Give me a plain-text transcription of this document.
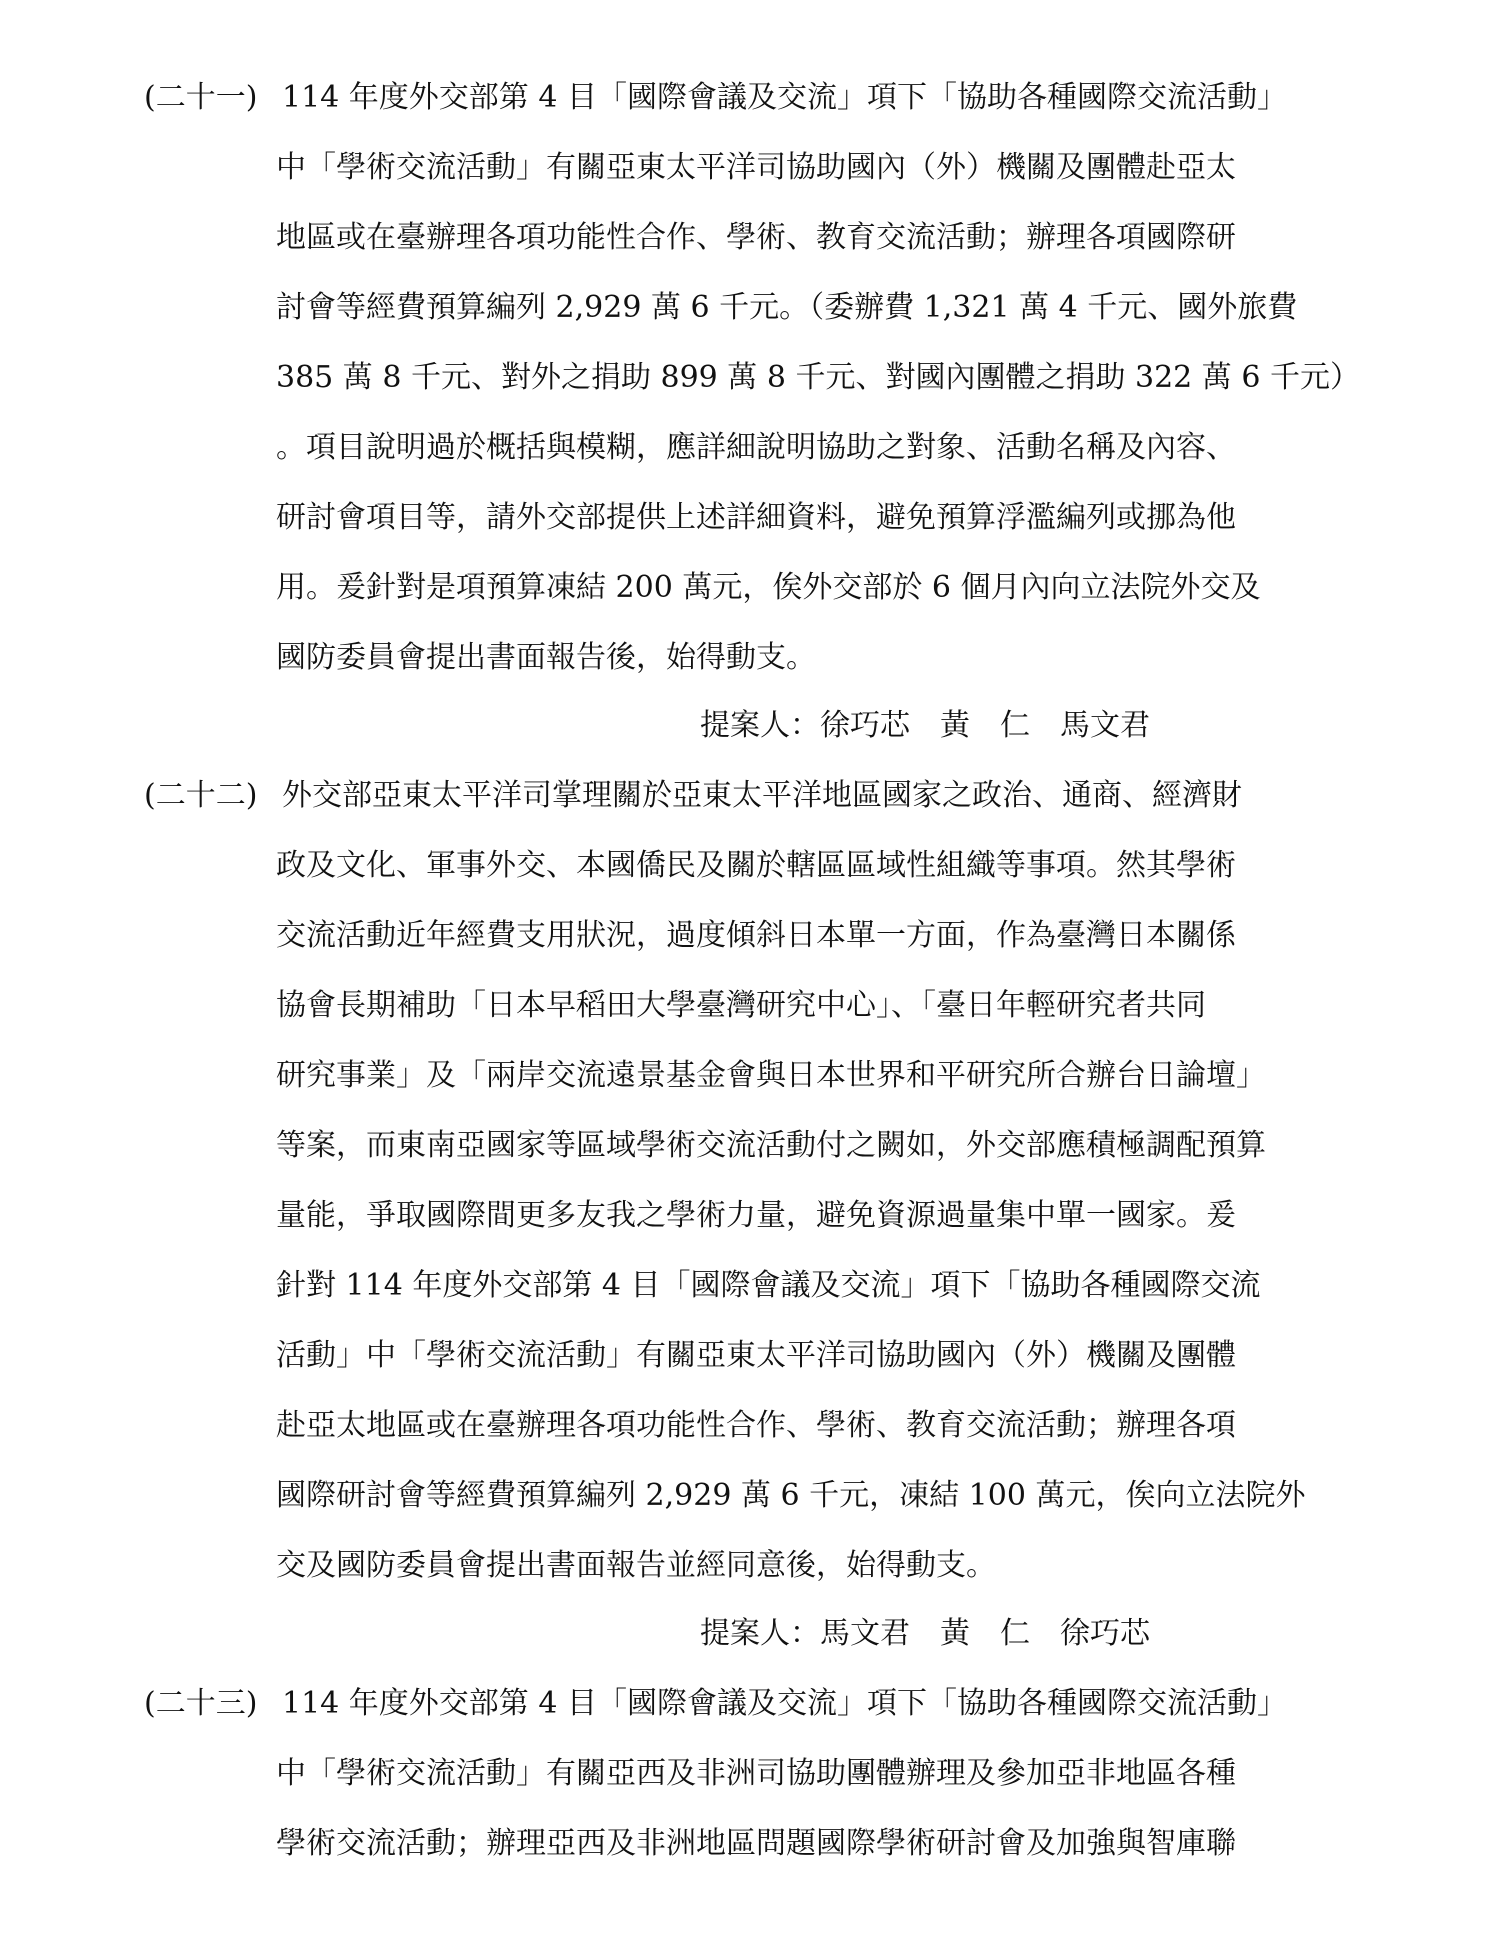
(二十一) 114 年度外交部第 4 目「國際會議及交流」項下「協助各種國際交流活動」
中「學術交流活動」有關亞東太平洋司協助國內（外）機關及團體赴亞太
地區或在臺辦理各項功能性合作、學術、教育交流活動；辦理各項國際研
討會等經費預算編列 2,929 萬 6 千元。（委辦費 1,321 萬 4 千元、國外旅費
385 萬 8 千元、對外之捐助 899 萬 8 千元、對國內團體之捐助 322 萬 6 千元）
。項目說明過於概括與模糊，應詳細說明協助之對象、活動名稱及內容、
研討會項目等，請外交部提供上述詳細資料，避免預算浮濫編列或挪為他
用。爰針對是項預算凍結 200 萬元，俟外交部於 6 個月內向立法院外交及
國防委員會提出書面報告後，始得動支。
提案人：徐巧芯　黃　仁　馬文君
(二十二) 外交部亞東太平洋司掌理關於亞東太平洋地區國家之政治、通商、經濟財
政及文化、軍事外交、本國僑民及關於轄區區域性組織等事項。然其學術
交流活動近年經費支用狀況，過度傾斜日本單一方面，作為臺灣日本關係
協會長期補助「日本早稻田大學臺灣研究中心」、「臺日年輕研究者共同
研究事業」及「兩岸交流遠景基金會與日本世界和平研究所合辦台日論壇」
等案，而東南亞國家等區域學術交流活動付之闕如，外交部應積極調配預算
量能，爭取國際間更多友我之學術力量，避免資源過量集中單一國家。爰
針對 114 年度外交部第 4 目「國際會議及交流」項下「協助各種國際交流
活動」中「學術交流活動」有關亞東太平洋司協助國內（外）機關及團體
赴亞太地區或在臺辦理各項功能性合作、學術、教育交流活動；辦理各項
國際研討會等經費預算編列 2,929 萬 6 千元，凍結 100 萬元，俟向立法院外
交及國防委員會提出書面報告並經同意後，始得動支。
提案人：馬文君　黃　仁　徐巧芯
(二十三) 114 年度外交部第 4 目「國際會議及交流」項下「協助各種國際交流活動」
中「學術交流活動」有關亞西及非洲司協助團體辦理及參加亞非地區各種
學術交流活動；辦理亞西及非洲地區問題國際學術研討會及加強與智庫聯
